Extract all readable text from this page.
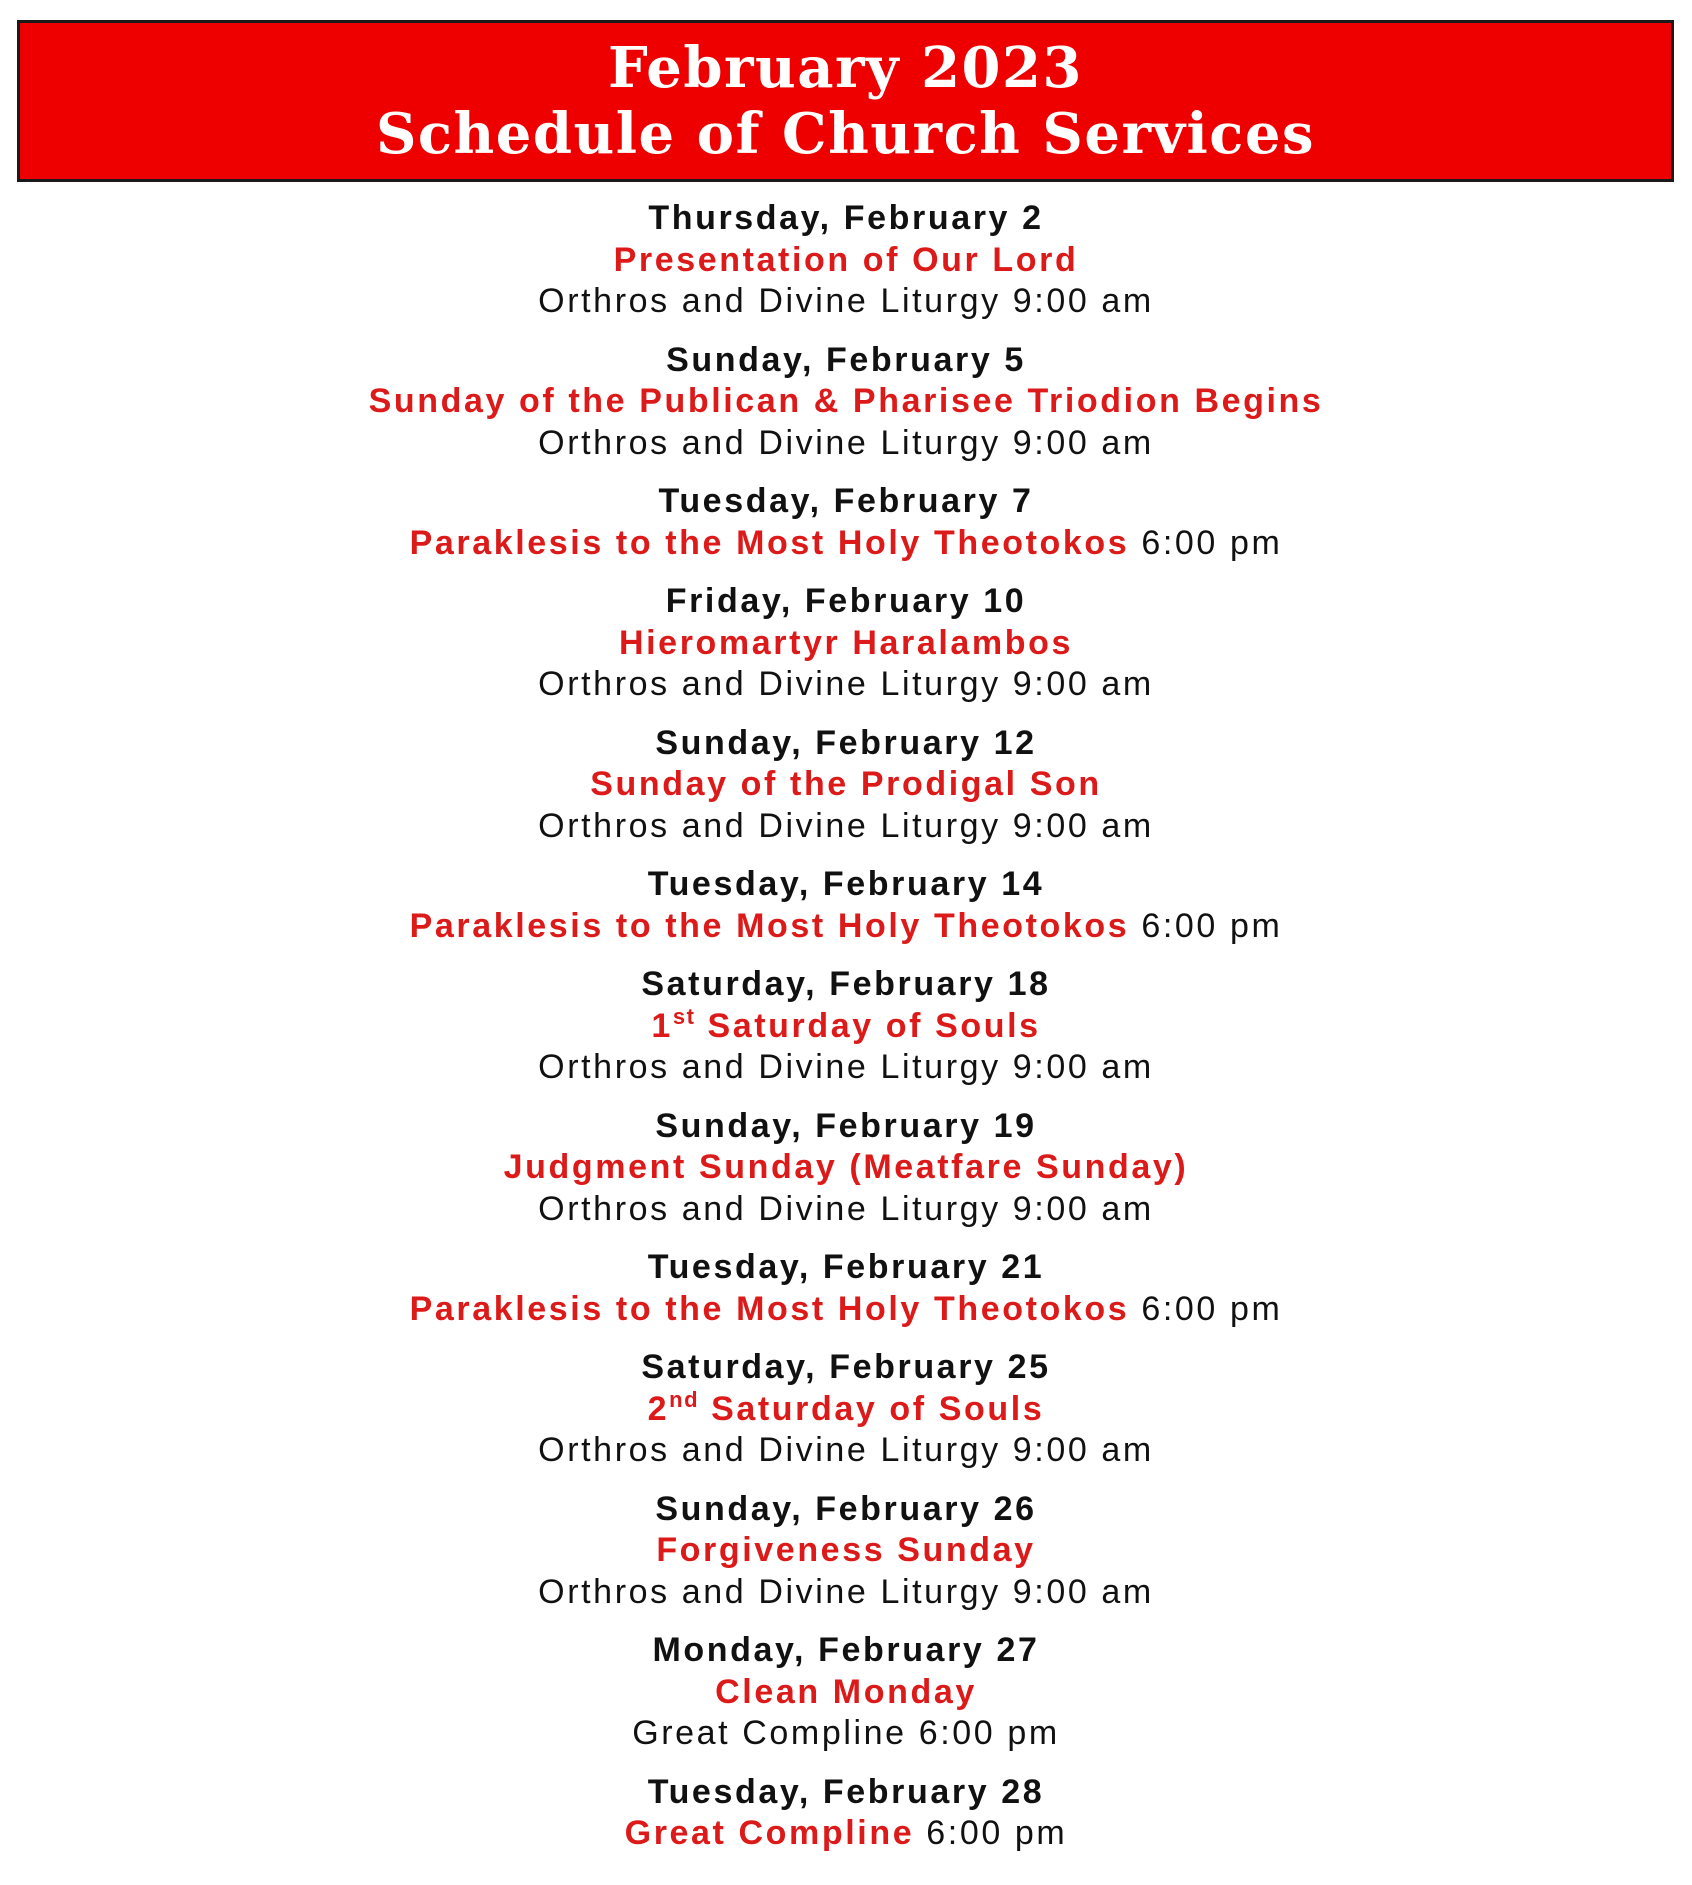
February 2023
Schedule of Church Services
Thursday, February 2
Presentation of Our Lord
Orthros and Divine Liturgy 9:00 am
Sunday, February 5
Sunday of the Publican & Pharisee Triodion Begins
Orthros and Divine Liturgy 9:00 am
Tuesday, February 7
Paraklesis to the Most Holy Theotokos 6:00 pm
Friday, February 10
Hieromartyr Haralambos
Orthros and Divine Liturgy 9:00 am
Sunday, February 12
Sunday of the Prodigal Son
Orthros and Divine Liturgy 9:00 am
Tuesday, February 14
Paraklesis to the Most Holy Theotokos 6:00 pm
Saturday, February 18
1st Saturday of Souls
Orthros and Divine Liturgy 9:00 am
Sunday, February 19
Judgment Sunday (Meatfare Sunday)
Orthros and Divine Liturgy 9:00 am
Tuesday, February 21
Paraklesis to the Most Holy Theotokos 6:00 pm
Saturday, February 25
2nd Saturday of Souls
Orthros and Divine Liturgy 9:00 am
Sunday, February 26
Forgiveness Sunday
Orthros and Divine Liturgy 9:00 am
Monday, February 27
Clean Monday
Great Compline 6:00 pm
Tuesday, February 28
Great Compline 6:00 pm
